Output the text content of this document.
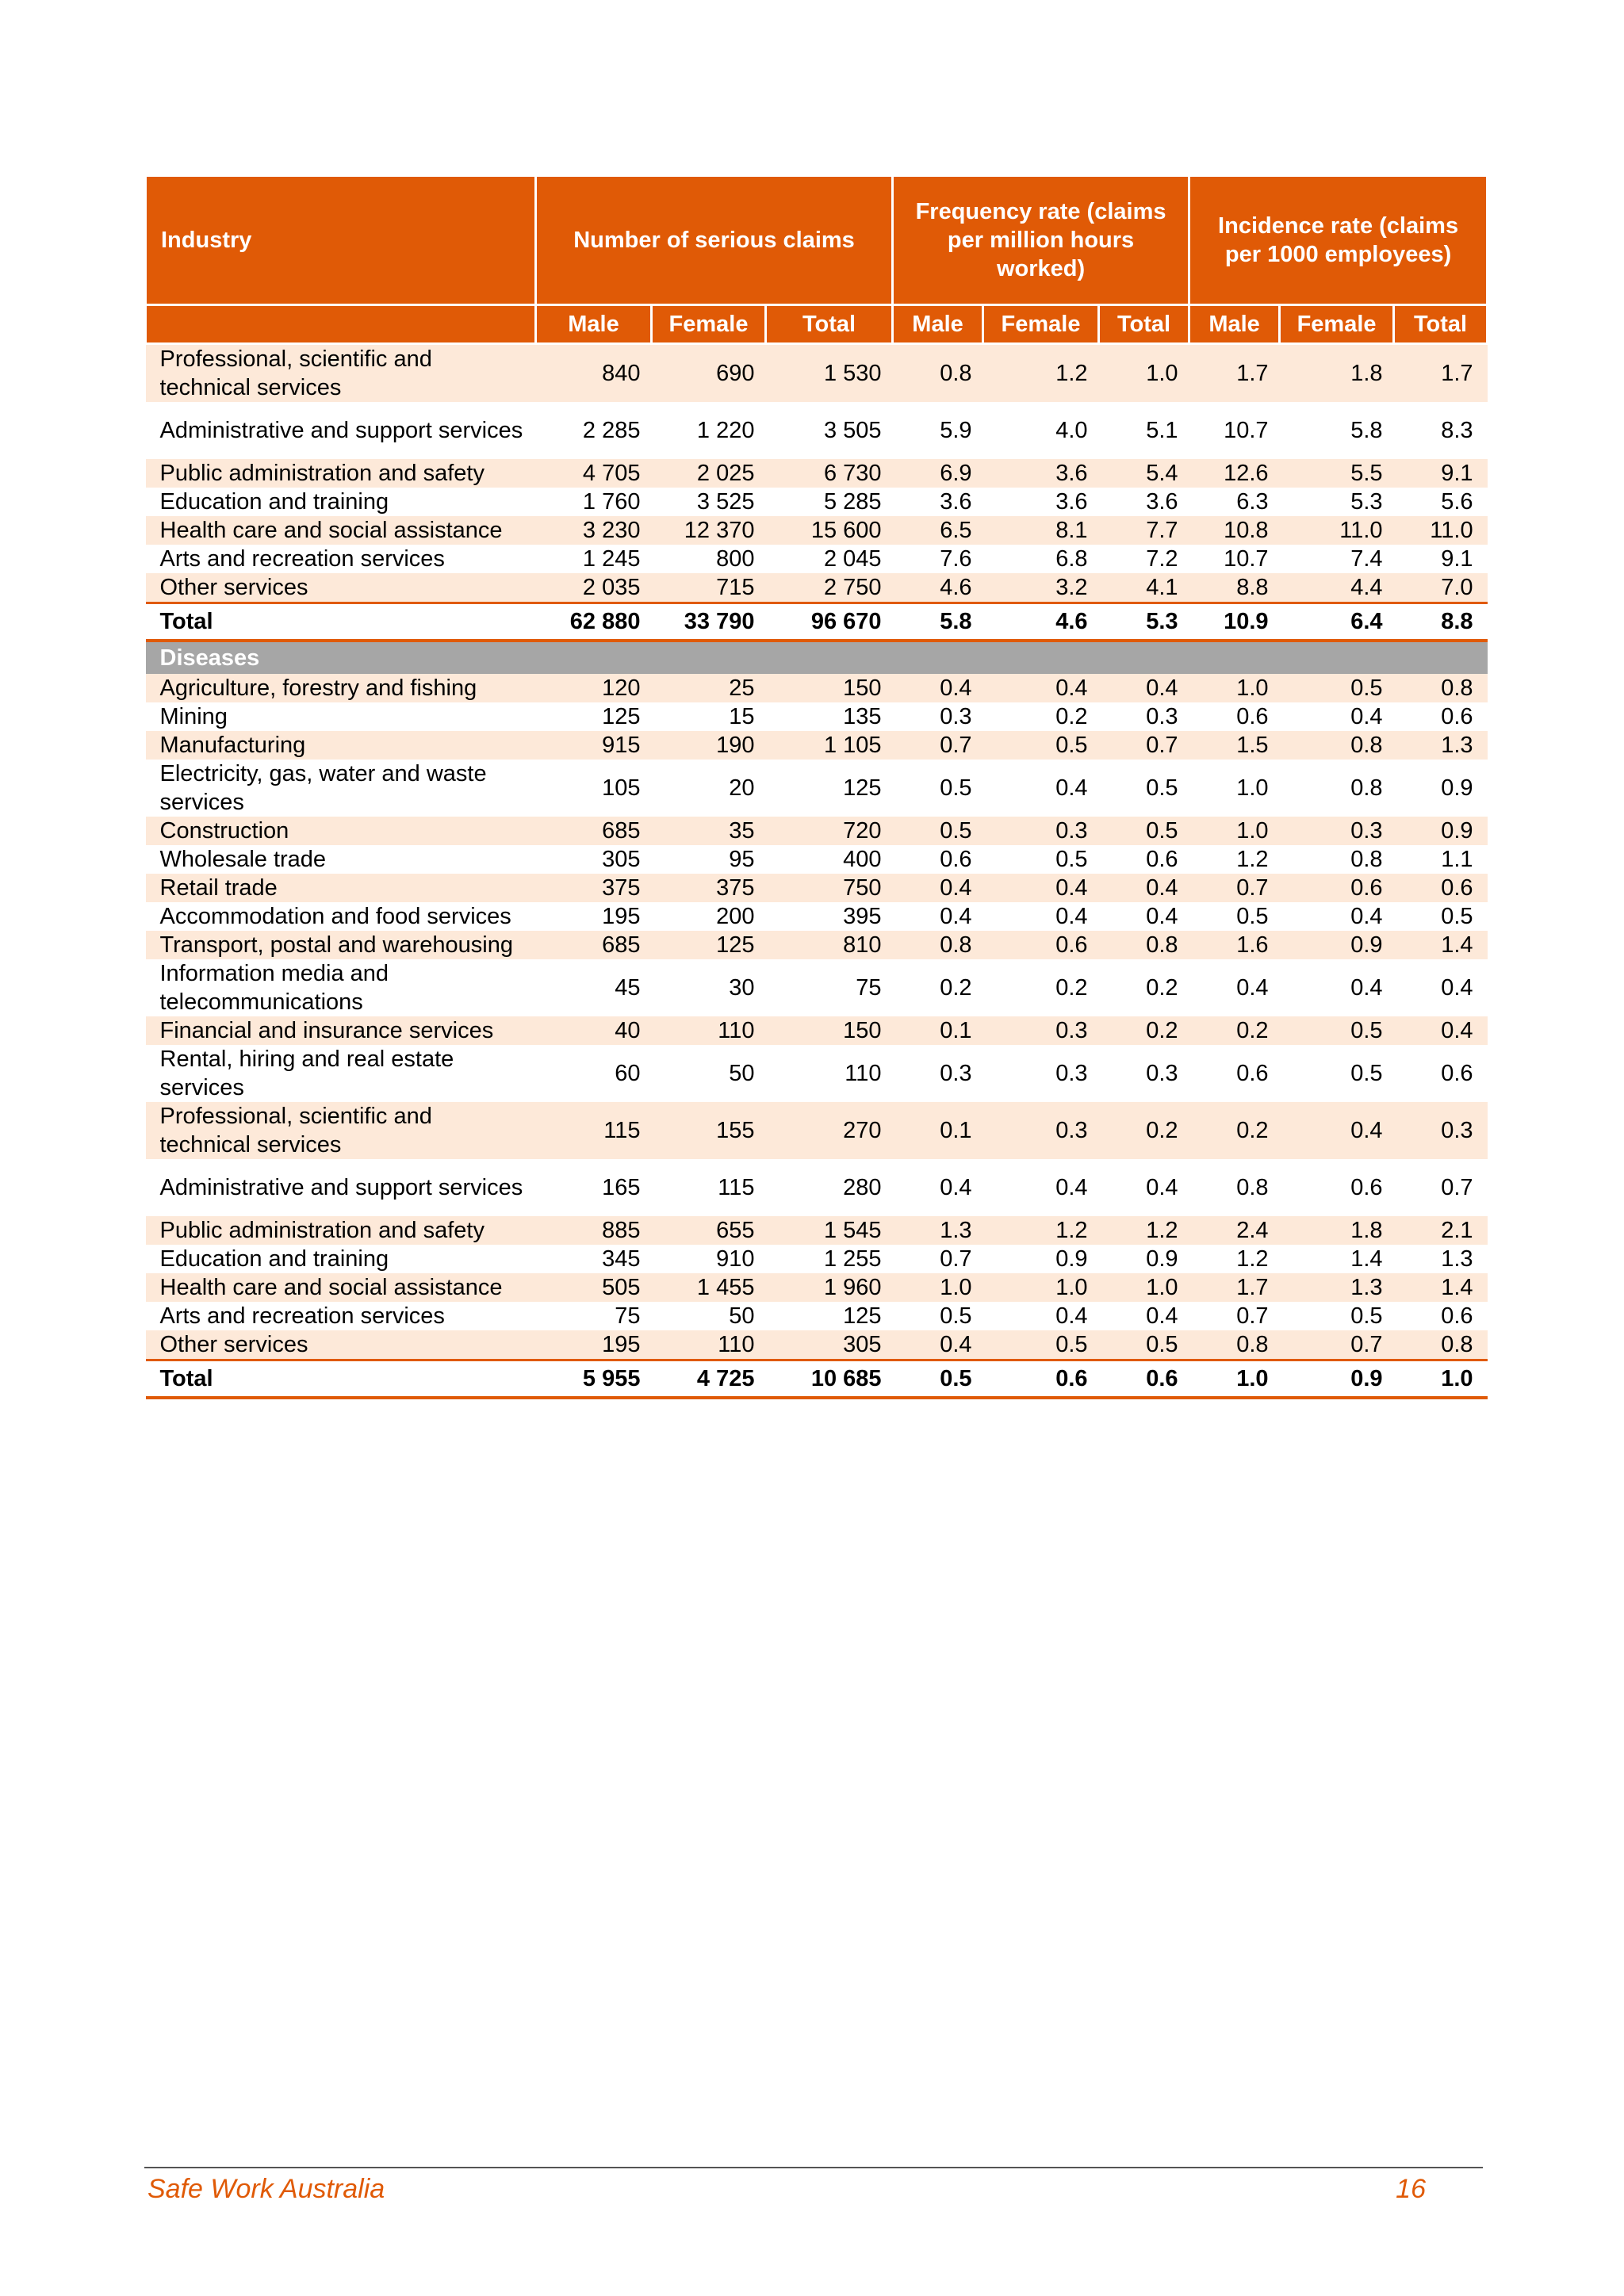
Industry	Number of serious claims			Frequency rate (claims per million hours worked)			Incidence rate (claims per 1000 employees)		
	Male	Female	Total	Male	Female	Total	Male	Female	Total
Professional, scientific and technical services	840	690	1 530	0.8	1.2	1.0	1.7	1.8	1.7
Administrative and support services	2 285	1 220	3 505	5.9	4.0	5.1	10.7	5.8	8.3
Public administration and safety	4 705	2 025	6 730	6.9	3.6	5.4	12.6	5.5	9.1
Education and training	1 760	3 525	5 285	3.6	3.6	3.6	6.3	5.3	5.6
Health care and social assistance	3 230	12 370	15 600	6.5	8.1	7.7	10.8	11.0	11.0
Arts and recreation services	1 245	800	2 045	7.6	6.8	7.2	10.7	7.4	9.1
Other services	2 035	715	2 750	4.6	3.2	4.1	8.8	4.4	7.0
Total	62 880	33 790	96 670	5.8	4.6	5.3	10.9	6.4	8.8
Diseases									
Agriculture, forestry and fishing	120	25	150	0.4	0.4	0.4	1.0	0.5	0.8
Mining	125	15	135	0.3	0.2	0.3	0.6	0.4	0.6
Manufacturing	915	190	1 105	0.7	0.5	0.7	1.5	0.8	1.3
Electricity, gas, water and waste services	105	20	125	0.5	0.4	0.5	1.0	0.8	0.9
Construction	685	35	720	0.5	0.3	0.5	1.0	0.3	0.9
Wholesale trade	305	95	400	0.6	0.5	0.6	1.2	0.8	1.1
Retail trade	375	375	750	0.4	0.4	0.4	0.7	0.6	0.6
Accommodation and food services	195	200	395	0.4	0.4	0.4	0.5	0.4	0.5
Transport, postal and warehousing	685	125	810	0.8	0.6	0.8	1.6	0.9	1.4
Information media and telecommunications	45	30	75	0.2	0.2	0.2	0.4	0.4	0.4
Financial and insurance services	40	110	150	0.1	0.3	0.2	0.2	0.5	0.4
Rental, hiring and real estate services	60	50	110	0.3	0.3	0.3	0.6	0.5	0.6
Professional, scientific and technical services	115	155	270	0.1	0.3	0.2	0.2	0.4	0.3
Administrative and support services	165	115	280	0.4	0.4	0.4	0.8	0.6	0.7
Public administration and safety	885	655	1 545	1.3	1.2	1.2	2.4	1.8	2.1
Education and training	345	910	1 255	0.7	0.9	0.9	1.2	1.4	1.3
Health care and social assistance	505	1 455	1 960	1.0	1.0	1.0	1.7	1.3	1.4
Arts and recreation services	75	50	125	0.5	0.4	0.4	0.7	0.5	0.6
Other services	195	110	305	0.4	0.5	0.5	0.8	0.7	0.8
Total	5 955	4 725	10 685	0.5	0.6	0.6	1.0	0.9	1.0
Safe Work Australia	16
